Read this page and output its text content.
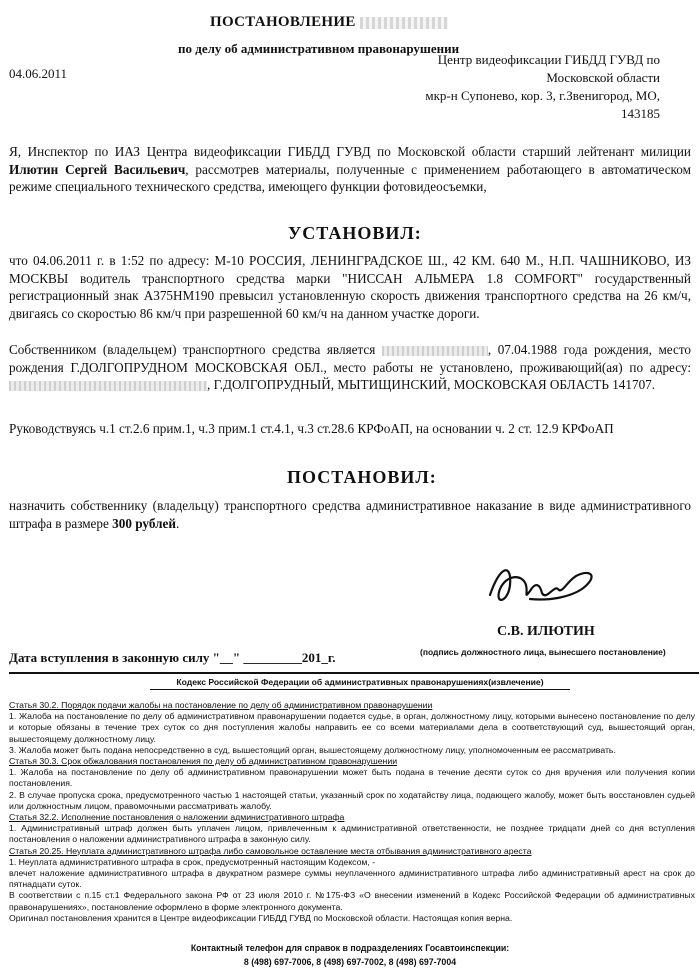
ПОСТАНОВЛЕНИЕ
по делу об административном правонарушении
04.06.2011
Центр видеофиксации ГИБДД ГУВД по
Московской области
мкр-н Супонево, кор. 3, г.Звенигород, МО,
143185
Я, Инспектор по ИАЗ Центра видеофиксации ГИБДД ГУВД по Московской области старший лейтенант милиции Илютин Сергей Васильевич, рассмотрев материалы, полученные с применением работающего в автоматическом режиме специального технического средства, имеющего функции фотовидеосъемки,
УСТАНОВИЛ:
что 04.06.2011 г. в 1:52 по адресу: М-10 РОССИЯ, ЛЕНИНГРАДСКОЕ Ш., 42 КМ. 640 М., Н.П. ЧАШНИКОВО, ИЗ МОСКВЫ водитель транспортного средства марки "НИССАН АЛЬМЕРА 1.8 COMFORT" государственный регистрационный знак А375НМ190 превысил установленную скорость движения транспортного средства на 26 км/ч, двигаясь со скоростью 86 км/ч при разрешенной 60 км/ч на данном участке дороги.
Собственником (владельцем) транспортного средства является	, 07.04.1988 года рождения, место рождения Г.ДОЛГОПРУДНОМ МОСКОВСКАЯ ОБЛ., место работы не установлено, проживающий(ая) по адресу: , Г.ДОЛГОПРУДНЫЙ, МЫТИЩИНСКИЙ, МОСКОВСКАЯ ОБЛАСТЬ 141707.
Руководствуясь ч.1 ст.2.6 прим.1, ч.3 прим.1 ст.4.1, ч.3 ст.28.6 КРФоАП, на основании ч. 2 ст. 12.9 КРФоАП
ПОСТАНОВИЛ:
назначить собственнику (владельцу) транспортного средства административное наказание в виде административного штрафа в размере 300 рублей.
С.В. ИЛЮТИН
Дата вступления в законную силу "__" _________201_г.	(подпись должностного лица, вынесшего постановление)
Кодекс Российской Федерации об административных правонарушениях(извлечение)

Статья 30.2. Порядок подачи жалобы на постановление по делу об административном правонарушении

1. Жалоба на постановление по делу об административном правонарушении подается судье, в орган, должностному лицу, которыми вынесено постановление по делу и которые обязаны в течение трех суток со дня поступления жалобы направить ее со всеми материалами дела в соответствующий суд, вышестоящий орган, вышестоящему должностному лицу.

3. Жалоба может быть подана непосредственно в суд, вышестоящий орган, вышестоящему должностному лицу, уполномоченным ее рассматривать.

Статья 30.3. Срок обжалования постановления по делу об административном правонарушении

1. Жалоба на постановление по делу об административном правонарушении может быть подана в течение десяти суток со дня вручения или получения копии постановления.

2. В случае пропуска срока, предусмотренного частью 1 настоящей статьи, указанный срок по ходатайству лица, подающего жалобу, может быть восстановлен судьей или должностным лицом, правомочными рассматривать жалобу.

Статья 32.2. Исполнение постановления о наложении административного штрафа

1. Административный штраф должен быть уплачен лицом, привлеченным к административной ответственности, не позднее тридцати дней со дня вступления постановления о наложении административного штрафа в законную силу.

Статья 20.25. Неуплата административного штрафа либо самовольное оставление места отбывания административного ареста

1. Неуплата административного штрафа в срок, предусмотренный настоящим Кодексом, -

влечет наложение административного штрафа в двукратном размере суммы неуплаченного административного штрафа либо административный арест на срок до пятнадцати суток.

В соответствии с п.15 ст.1 Федерального закона РФ от 23 июля 2010 г. №175-ФЗ «О внесении изменений в Кодекс Российской Федерации об административных правонарушениях», постановление оформлено в форме электронного документа.

Оригинал постановления хранится в Центре видеофиксации ГИБДД ГУВД по Московской области. Настоящая копия верна.

Контактный телефон для справок в подразделениях Госавтоинспекции:
8 (498) 697-7006, 8 (498) 697-7002, 8 (498) 697-7004
